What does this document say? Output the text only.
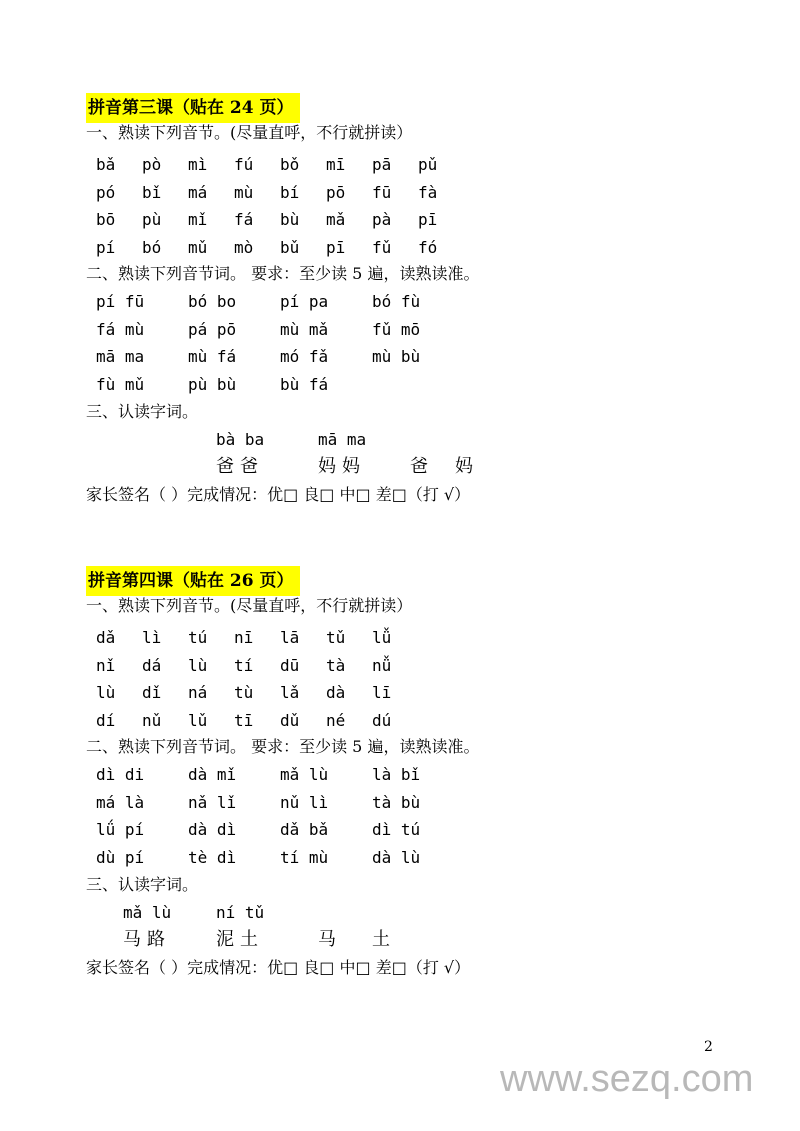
2
www.sezq.com
拼音第三课（贴在 24 页）
一、熟读下列音节。(尽量直呼，不行就拼读）
bǎ pò mì fú bǒ mī pā pǔ
pó bǐ má mù bí pō fū fà
bō pù mǐ fá bù mǎ pà pī
pí bó mǔ mò bǔ pī fǔ fó
二、熟读下列音节词。 要求：至少读 5 遍，读熟读准。
pí fū	bó bo	pí pa	bó fù
fá mù	pá pō	mù mǎ	fǔ mō
mā ma	mù fá	mó fǎ	mù bù
fù mǔ	pù bù	bù fá
三、认读字词。
bà ba	mā ma
爸爸	妈妈 爸 妈
家长签名（ ）完成情况：优□ 良□ 中□ 差□（打 √）
拼音第四课（贴在 26 页）
一、熟读下列音节。(尽量直呼，不行就拼读）
dǎ lì tú nī lā tǔ lǚ
nǐ dá lù tí dū tà nǚ
lù dǐ ná tù lǎ dà lī
dí nǔ lǔ tī dǔ né dú
二、熟读下列音节词。 要求：至少读 5 遍，读熟读准。
dì di	dà mǐ	mǎ lù	là bǐ
má là	nǎ lǐ	nǔ lì	tà bù
lǘ pí	dà dì	dǎ bǎ	dì tú
dù pí	tè dì	tí mù	dà lù
三、认读字词。
mǎ lù	ní tǔ
马路	泥土	马 土
家长签名（ ）完成情况：优□ 良□ 中□ 差□（打 √）
